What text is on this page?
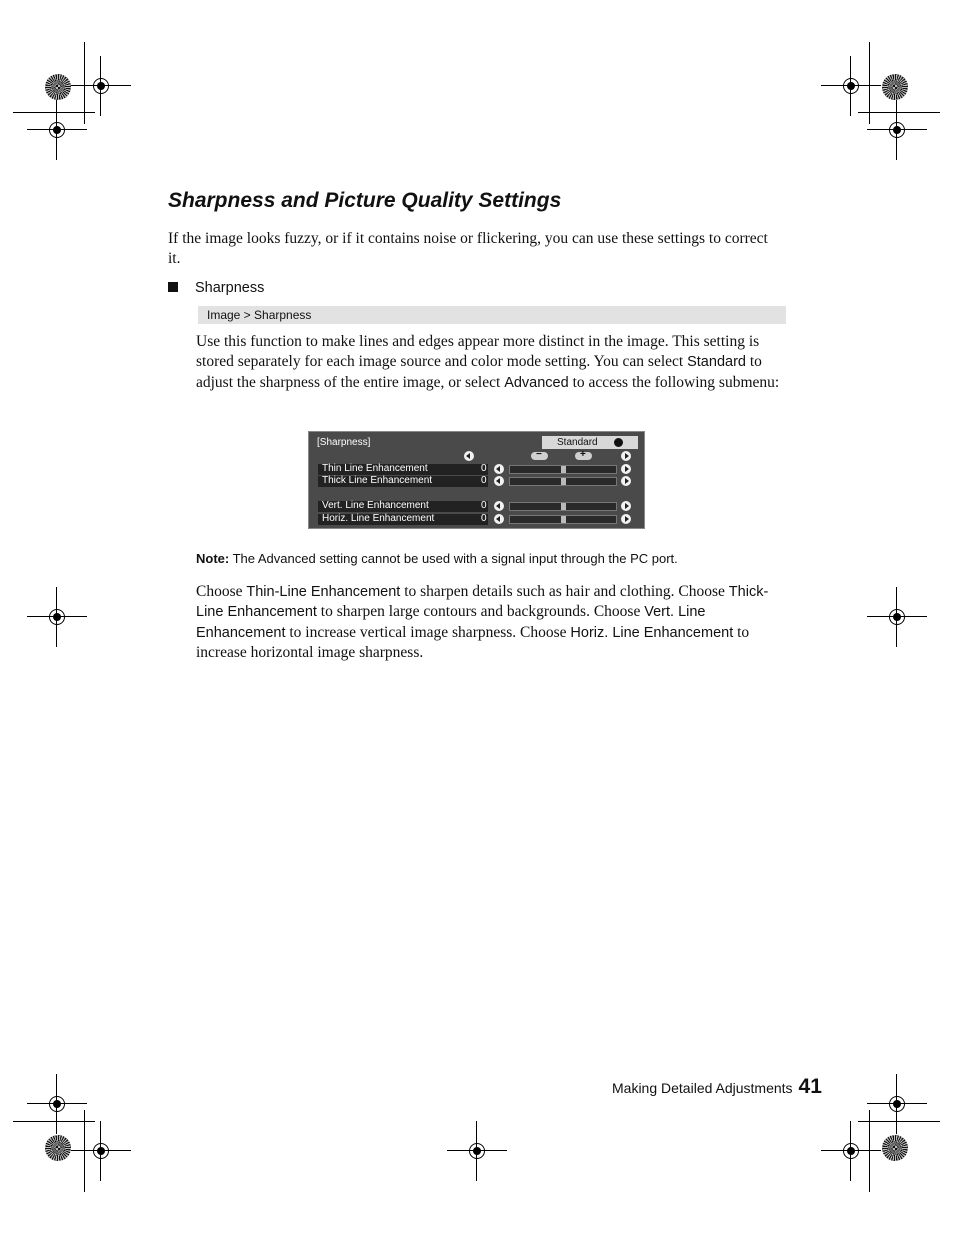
Sharpness and Picture Quality Settings
If the image looks fuzzy, or if it contains noise or flickering, you can use these settings to correct it.
Sharpness
Image > Sharpness
Use this function to make lines and edges appear more distinct in the image. This setting is stored separately for each image source and color mode setting. You can select Standard to adjust the sharpness of the entire image, or select Advanced to access the following submenu:
[Sharpness]	Standard
−	+
Thin Line Enhancement	0
Thick Line Enhancement	0
Vert. Line Enhancement	0
Horiz. Line Enhancement	0
Note: The Advanced setting cannot be used with a signal input through the PC port.
Choose Thin-Line Enhancement to sharpen details such as hair and clothing. Choose Thick-Line Enhancement to sharpen large contours and backgrounds. Choose Vert. Line Enhancement to increase vertical image sharpness. Choose Horiz. Line Enhancement to increase horizontal image sharpness.
Making Detailed Adjustments 41
